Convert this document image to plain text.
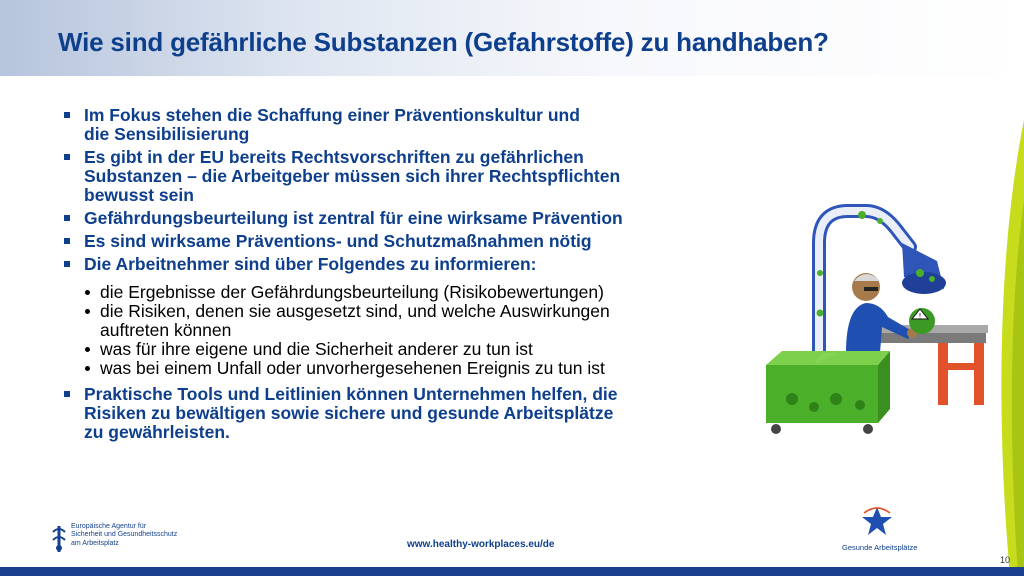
Wie sind gefährliche Substanzen (Gefahrstoffe) zu handhaben?
Im Fokus stehen die Schaffung einer Präventionskultur und
die Sensibilisierung
Es gibt in der EU bereits Rechtsvorschriften zu gefährlichen
Substanzen – die Arbeitgeber müssen sich ihrer Rechtspflichten
bewusst sein
Gefährdungsbeurteilung ist zentral für eine wirksame Prävention
Es sind wirksame Präventions- und Schutzmaßnahmen nötig
Die Arbeitnehmer sind über Folgendes zu informieren:
die Ergebnisse der Gefährdungsbeurteilung (Risikobewertungen)
die Risiken, denen sie ausgesetzt sind, und welche Auswirkungen
auftreten können
was für ihre eigene und die Sicherheit anderer zu tun ist
was bei einem Unfall oder unvorhergesehenen Ereignis zu tun ist
Praktische Tools und Leitlinien können Unternehmen helfen, die
Risiken zu bewältigen sowie sichere und gesunde Arbeitsplätze
zu gewährleisten.
!
Europäische Agentur für
Sicherheit und Gesundheitsschutz
am Arbeitsplatz	www.healthy-workplaces.eu/de	Gesunde Arbeitsplätze
10
